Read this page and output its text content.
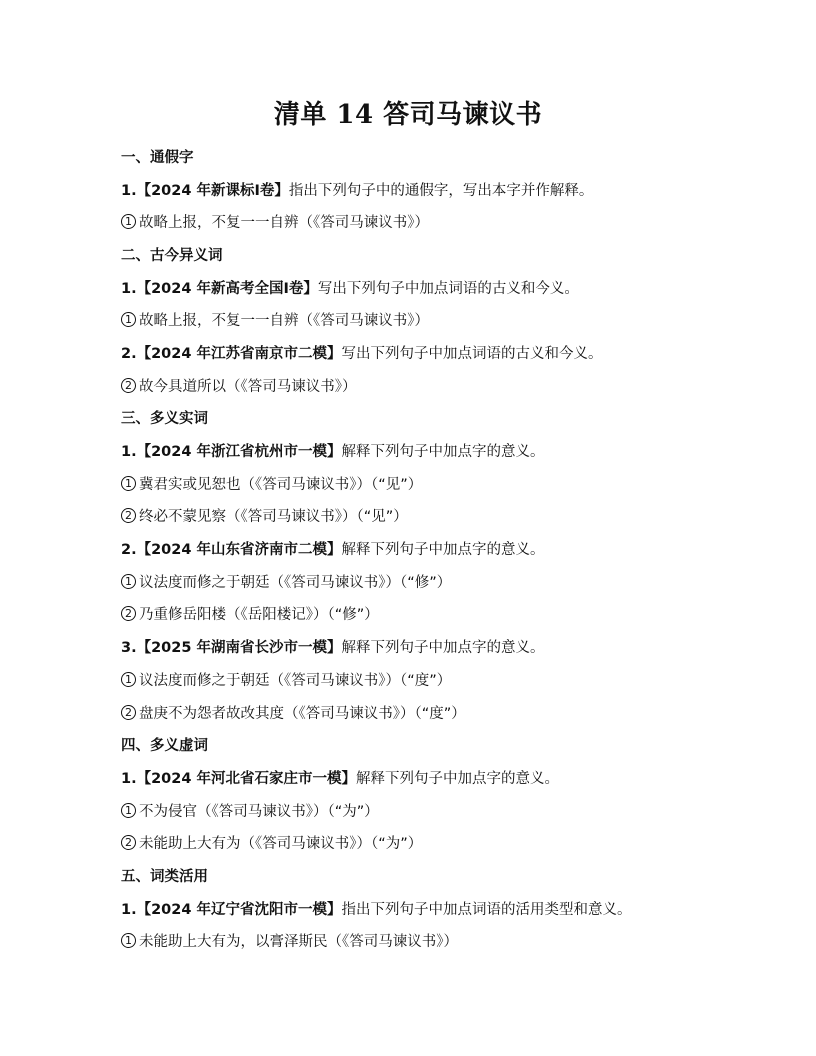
清单 14 答司马谏议书
一、通假字
1.【2024 年新课标Ⅰ卷】 指出下列句子中的通假字，写出本字并作解释。
1 故略上报，不复一一自辨（《答司马谏议书》）
二、古今异义词
1.【2024 年新高考全国Ⅰ卷】 写出下列句子中加点词语的古义和今义。
1 故略上报，不复一一自辨（《答司马谏议书》）
2.【2024 年江苏省南京市二模】 写出下列句子中加点词语的古义和今义。
2 故今具道所以（《答司马谏议书》）
三、多义实词
1.【2024 年浙江省杭州市一模】 解释下列句子中加点字的意义。
1 冀君实或见恕也（《答司马谏议书》）（“见”）
2 终必不蒙见察（《答司马谏议书》）（“见”）
2.【2024 年山东省济南市二模】 解释下列句子中加点字的意义。
1 议法度而修之于朝廷（《答司马谏议书》）（“修”）
2 乃重修岳阳楼（《岳阳楼记》）（“修”）
3.【2025 年湖南省长沙市一模】 解释下列句子中加点字的意义。
1 议法度而修之于朝廷（《答司马谏议书》）（“度”）
2 盘庚不为怨者故改其度（《答司马谏议书》）（“度”）
四、多义虚词
1.【2024 年河北省石家庄市一模】 解释下列句子中加点字的意义。
1 不为侵官（《答司马谏议书》）（“为”）
2 未能助上大有为（《答司马谏议书》）（“为”）
五、词类活用
1.【2024 年辽宁省沈阳市一模】 指出下列句子中加点词语的活用类型和意义。
1 未能助上大有为，以膏泽斯民（《答司马谏议书》）
